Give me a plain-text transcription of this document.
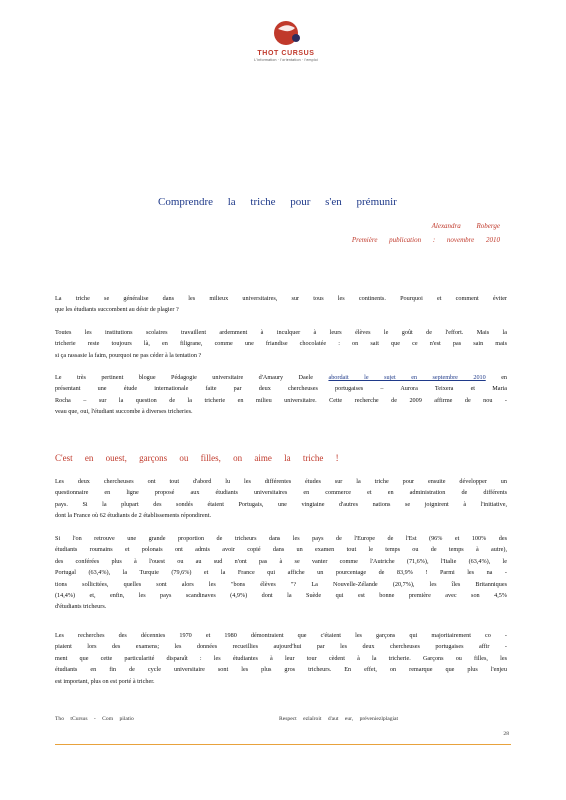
THOT CURSUS
L'information · l'orientation · l'emploi
Comprendre la triche pour s'en prémunir
Alexandra Roberge
Première publication : novembre 2010
La triche se généralise dans les milieux universitaires, sur tous les continents. Pourquoi et comment éviter
que les étudiants succombent au désir de plagier ?
Toutes les institutions scolaires travaillent ardemment à inculquer à leurs élèves le goût de l'effort. Mais la
tricherie reste toujours là, en filigrane, comme une friandise chocolatée : on sait que ce n'est pas sain mais
si ça rassasie la faim, pourquoi ne pas céder à la tentation ?
Le très pertinent blogue Pédagogie universitaire d'Amaury Daele abordait le sujet en septembre 2010 en
présentant une étude internationale faite par deux chercheuses portugaises – Aurora Teixera et Maria
Rocha – sur la question de la tricherie en milieu universitaire. Cette recherche de 2009 affirme de nou -
veau que, oui, l'étudiant succombe à diverses tricheries.
C'est en ouest, garçons ou filles, on aime la triche !
Les deux chercheuses ont tout d'abord lu les différentes études sur la triche pour ensuite développer un
questionnaire en ligne proposé aux étudiants universitaires en commerce et en administration de différents
pays. Si la plupart des sondés étaient Portugais, une vingtaine d'autres nations se joignirent à l'initiative,
dont la France où 62 étudiants de 2 établissements répondirent.
Si l'on retrouve une grande proportion de tricheurs dans les pays de l'Europe de l'Est (96% et 100% des
étudiants roumains et polonais ont admis avoir copié dans un examen tout le temps ou de temps à autre),
des conférées plus à l'ouest ou au sud n'ont pas à se vanter comme l'Autriche (71,6%), l'Italie (63,4%), le
Portugal (63,4%), la Turquie (79,6%) et la France qui affiche un pourcentage de 83,9% ! Parmi les na -
tions sollicitées, quelles sont alors les "bons élèves "? La Nouvelle-Zélande (20,7%), les îles Britanniques
(14,4%) et, enfin, les pays scandinaves (4,9%) dont la Suède qui est bonne première avec son 4,5%
d'étudiants tricheurs.
Les recherches des décennies 1970 et 1980 démontraient que c'étaient les garçons qui majoritairement co -
piaient lors des examens; les données recueillies aujourd'hui par les deux chercheuses portugaises affir -
ment que cette particularité disparaît : les étudiantes à leur tour cèdent à la tricherie. Garçons ou filles, les
étudiants en fin de cycle universitaire sont les plus gros tricheurs. En effet, on remarque que plus l'enjeu
est important, plus on est porté à tricher.
Tho tCursus - Com pilatio	Respect ezlaîroit d'aut eur, préveniezlplagiat
28
